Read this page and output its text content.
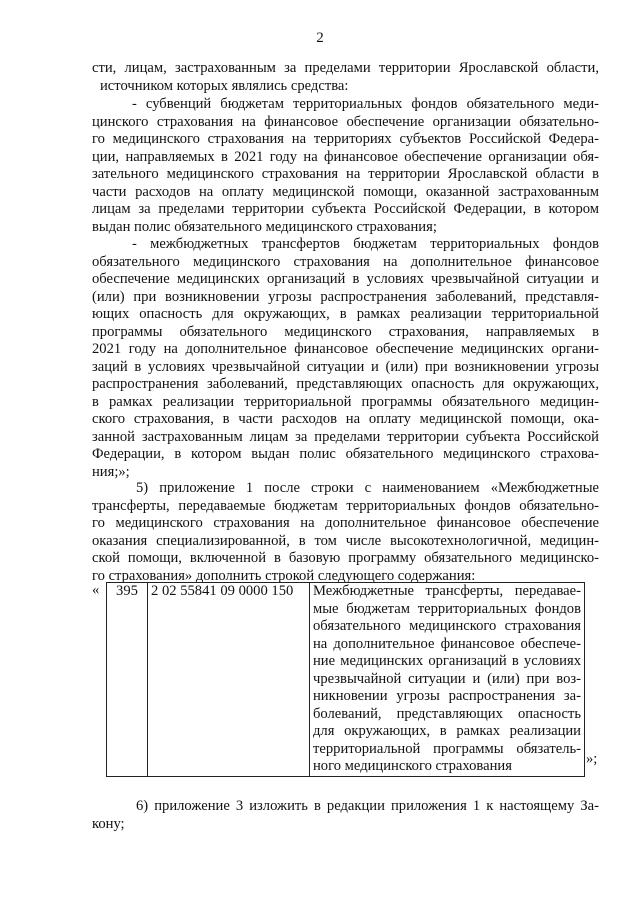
2
сти, лицам, застрахованным за пределами территории Ярославской области,
источником которых являлись средства:
- субвенций бюджетам территориальных фондов обязательного меди-
цинского страхования на финансовое обеспечение организации обязательно-
го медицинского страхования на территориях субъектов Российской Федера-
ции, направляемых в 2021 году на финансовое обеспечение организации обя-
зательного медицинского страхования на территории Ярославской области в
части расходов на оплату медицинской помощи, оказанной застрахованным
лицам за пределами территории субъекта Российской Федерации, в котором
выдан полис обязательного медицинского страхования;
- межбюджетных трансфертов бюджетам территориальных фондов
обязательного медицинского страхования на дополнительное финансовое
обеспечение медицинских организаций в условиях чрезвычайной ситуации и
(или) при возникновении угрозы распространения заболеваний, представля-
ющих опасность для окружающих, в рамках реализации территориальной
программы обязательного медицинского страхования, направляемых в
2021 году на дополнительное финансовое обеспечение медицинских органи-
заций в условиях чрезвычайной ситуации и (или) при возникновении угрозы
распространения заболеваний, представляющих опасность для окружающих,
в рамках реализации территориальной программы обязательного медицин-
ского страхования, в части расходов на оплату медицинской помощи, ока-
занной застрахованным лицам за пределами территории субъекта Российской
Федерации, в котором выдан полис обязательного медицинского страхова-
ния;»;
5) приложение 1 после строки с наименованием «Межбюджетные
трансферты, передаваемые бюджетам территориальных фондов обязательно-
го медицинского страхования на дополнительное финансовое обеспечение
оказания специализированной, в том числе высокотехнологичной, медицин-
ской помощи, включенной в базовую программу обязательного медицинско-
го страхования» дополнить строкой следующего содержания:
« 395	2 02 55841 09 0000 150	Межбюджетные трансферты, передавае-
мые бюджетам территориальных фондов
обязательного медицинского страхования
на дополнительное финансовое обеспече-
ние медицинских организаций в условиях
чрезвычайной ситуации и (или) при воз-
никновении угрозы распространения за-
болеваний, представляющих опасность
для окружающих, в рамках реализации
территориальной программы обязатель-
ного медицинского страхования	»;
6) приложение 3 изложить в редакции приложения 1 к настоящему За-
кону;
